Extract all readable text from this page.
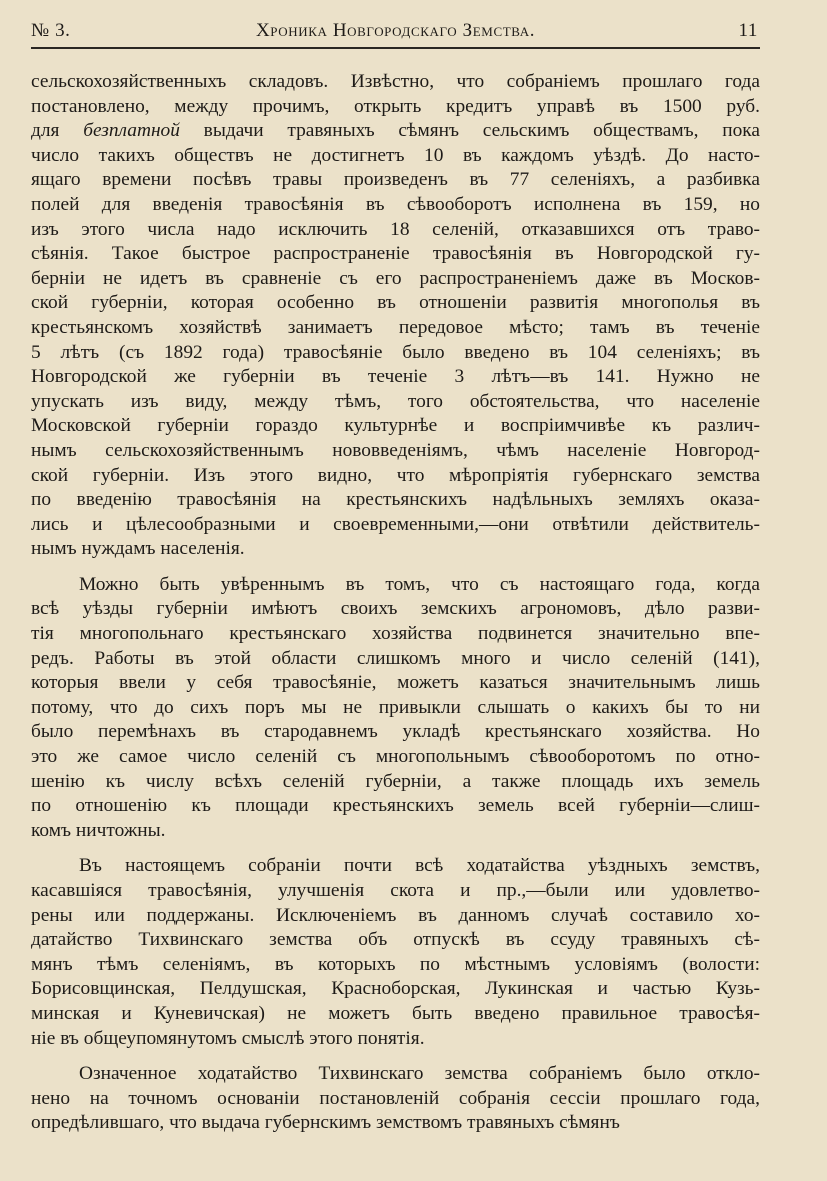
№ 3.	Хроника Новгородскаго Земства.	11
сельскохозяйственныхъ складовъ. Извѣстно, что собраніемъ прошлаго года
постановлено, между прочимъ, открыть кредитъ управѣ въ 1500 руб.
для безплатной выдачи травяныхъ сѣмянъ сельскимъ обществамъ, пока
число такихъ обществъ не достигнетъ 10 въ каждомъ уѣздѣ. До насто-
ящаго времени посѣвъ травы произведенъ въ 77 селеніяхъ, а разбивка
полей для введенія травосѣянія въ сѣвооборотъ исполнена въ 159, но
изъ этого числа надо исключить 18 селеній, отказавшихся отъ траво-
сѣянія. Такое быстрое распространеніе травосѣянія въ Новгородской гу-
берніи не идетъ въ сравненіе съ его распространеніемъ даже въ Москов-
ской губерніи, которая особенно въ отношеніи развитія многополья въ
крестьянскомъ хозяйствѣ занимаетъ передовое мѣсто; тамъ въ теченіе
5 лѣтъ (съ 1892 года) травосѣяніе было введено въ 104 селеніяхъ; въ
Новгородской же губерніи въ теченіе 3 лѣтъ—въ 141. Нужно не
упускать изъ виду, между тѣмъ, того обстоятельства, что населеніе
Московской губерніи гораздо культурнѣе и воспріимчивѣе къ различ-
нымъ сельскохозяйственнымъ нововведеніямъ, чѣмъ населеніе Новгород-
ской губерніи. Изъ этого видно, что мѣропріятія губернскаго земства
по введенію травосѣянія на крестьянскихъ надѣльныхъ земляхъ оказа-
лись и цѣлесообразными и своевременными,—они отвѣтили действитель-
нымъ нуждамъ населенія.
Можно быть увѣреннымъ въ томъ, что съ настоящаго года, когда
всѣ уѣзды губерніи имѣютъ своихъ земскихъ агрономовъ, дѣло разви-
тія многопольнаго крестьянскаго хозяйства подвинется значительно впе-
редъ. Работы въ этой области слишкомъ много и число селеній (141),
которыя ввели у себя травосѣяніе, можетъ казаться значительнымъ лишь
потому, что до сихъ поръ мы не привыкли слышать о какихъ бы то ни
было перемѣнахъ въ стародавнемъ укладѣ крестьянскаго хозяйства. Но
это же самое число селеній съ многопольнымъ сѣвооборотомъ по отно-
шенію къ числу всѣхъ селеній губерніи, а также площадь ихъ земель
по отношенію къ площади крестьянскихъ земель всей губерніи—слиш-
комъ ничтожны.
Въ настоящемъ собраніи почти всѣ ходатайства уѣздныхъ земствъ,
касавшіяся травосѣянія, улучшенія скота и пр.,—были или удовлетво-
рены или поддержаны. Исключеніемъ въ данномъ случаѣ составило хо-
датайство Тихвинскаго земства объ отпускѣ въ ссуду травяныхъ сѣ-
мянъ тѣмъ селеніямъ, въ которыхъ по мѣстнымъ условіямъ (волости:
Борисовщинская, Пелдушская, Красноборская, Лукинская и частью Кузь-
минская и Куневичская) не можетъ быть введено правильное травосѣя-
ніе въ общеупомянутомъ смыслѣ этого понятія.
Означенное ходатайство Тихвинскаго земства собраніемъ было откло-
нено на точномъ основаніи постановленій собранія сессіи прошлаго года,
опредѣлившаго, что выдача губернскимъ земствомъ травяныхъ сѣмянъ
